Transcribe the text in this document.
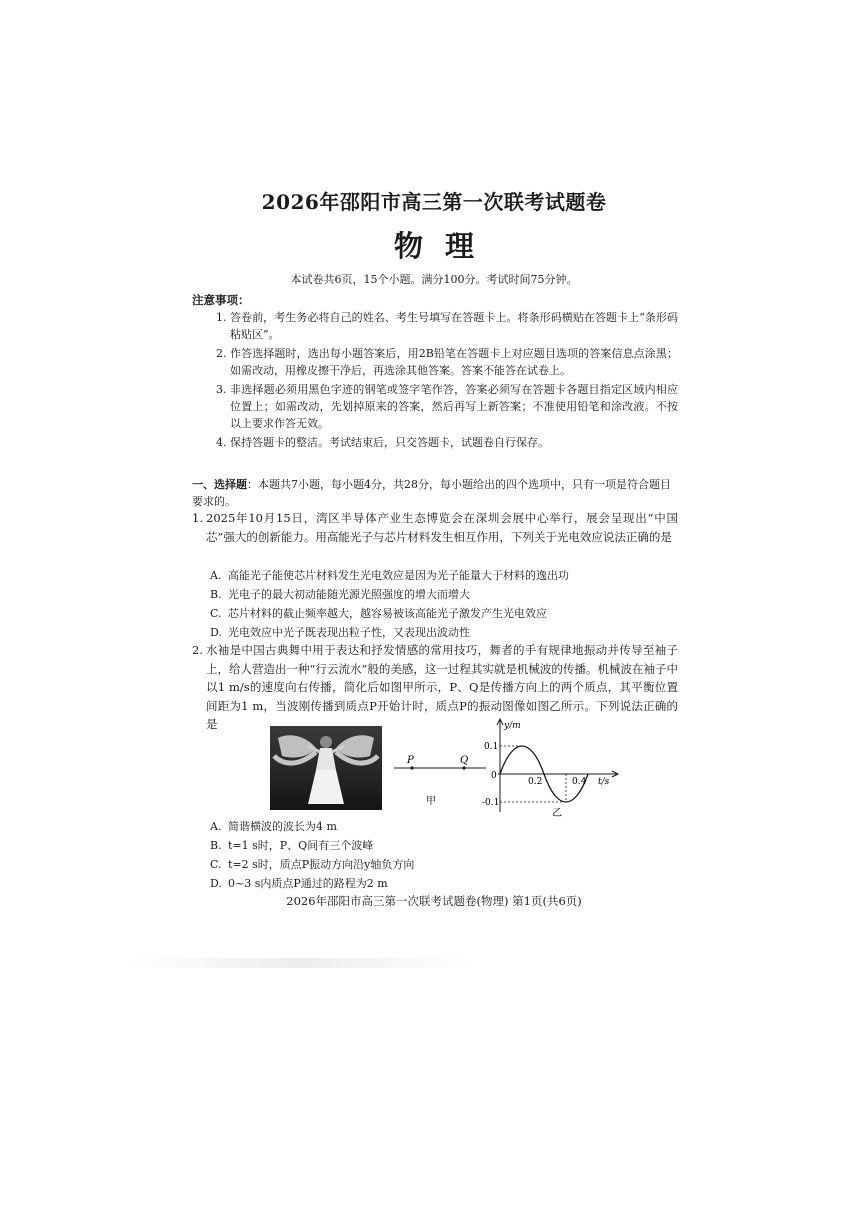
2026年邵阳市高三第一次联考试题卷
物理
本试卷共6页，15个小题。满分100分。考试时间75分钟。
注意事项：
1. 答卷前，考生务必将自己的姓名、考生号填写在答题卡上。将条形码横贴在答题卡上“条形码粘贴区”。
2. 作答选择题时，选出每小题答案后，用2B铅笔在答题卡上对应题目选项的答案信息点涂黑；如需改动，用橡皮擦干净后，再选涂其他答案。答案不能答在试卷上。
3. 非选择题必须用黑色字迹的钢笔或签字笔作答，答案必须写在答题卡各题目指定区域内相应位置上；如需改动，先划掉原来的答案，然后再写上新答案；不准使用铅笔和涂改液。不按以上要求作答无效。
4. 保持答题卡的整洁。考试结束后，只交答题卡，试题卷自行保存。
一、选择题：本题共7小题，每小题4分，共28分，每小题给出的四个选项中，只有一项是符合题目要求的。
1. 2025年10月15日，湾区半导体产业生态博览会在深圳会展中心举行，展会呈现出“中国芯”强大的创新能力。用高能光子与芯片材料发生相互作用，下列关于光电效应说法正确的是
A. 高能光子能使芯片材料发生光电效应是因为光子能量大于材料的逸出功
B. 光电子的最大初动能随光源光照强度的增大而增大
C. 芯片材料的截止频率越大，越容易被该高能光子激发产生光电效应
D. 光电效应中光子既表现出粒子性，又表现出波动性
2. 水袖是中国古典舞中用于表达和抒发情感的常用技巧，舞者的手有规律地振动并传导至袖子上，给人营造出一种“行云流水”般的美感，这一过程其实就是机械波的传播。机械波在袖子中以1 m/s的速度向右传播，简化后如图甲所示，P、Q是传播方向上的两个质点，其平衡位置间距为1 m，当波刚传播到质点P开始计时，质点P的振动图像如图乙所示。下列说法正确的是
P	Q
甲
y/m
t/s
0.1
-0.1
0
0.2	0.4
乙
A. 简谐横波的波长为4 m
B. t=1 s时，P、Q间有三个波峰
C. t=2 s时，质点P振动方向沿y轴负方向
D. 0~3 s内质点P通过的路程为2 m
2026年邵阳市高三第一次联考试题卷(物理) 第1页(共6页)
